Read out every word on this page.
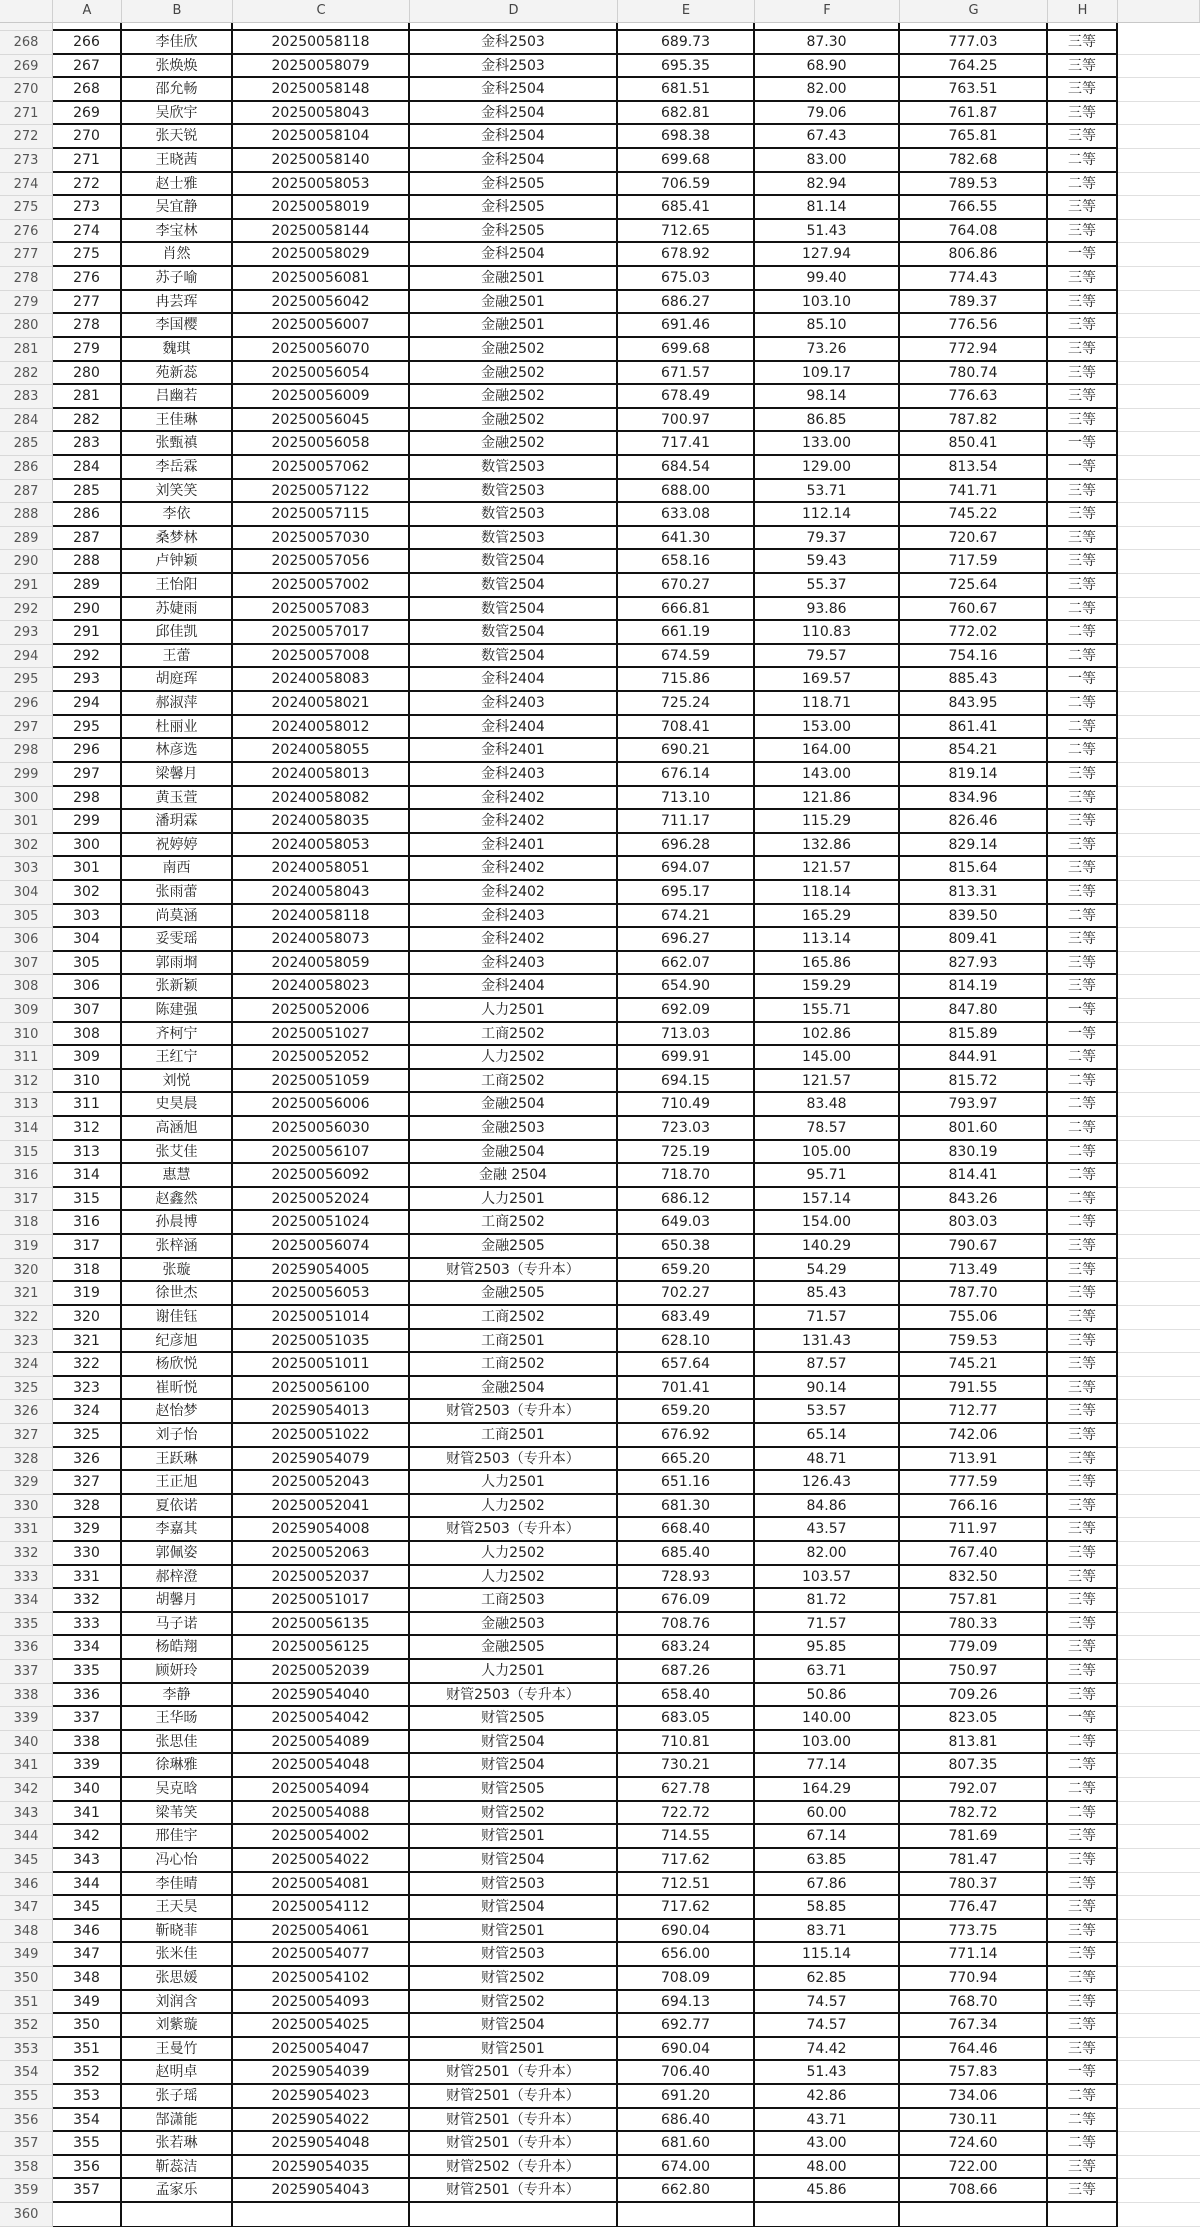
A	B	C	D	E	F	G	H
268	266	李佳欣	20250058118	金科2503	689.73	87.30	777.03	三等
269	267	张焕焕	20250058079	金科2503	695.35	68.90	764.25	三等
270	268	邵允畅	20250058148	金科2504	681.51	82.00	763.51	三等
271	269	吴欣宇	20250058043	金科2504	682.81	79.06	761.87	三等
272	270	张天锐	20250058104	金科2504	698.38	67.43	765.81	三等
273	271	王晓茜	20250058140	金科2504	699.68	83.00	782.68	二等
274	272	赵士雅	20250058053	金科2505	706.59	82.94	789.53	二等
275	273	吴宜静	20250058019	金科2505	685.41	81.14	766.55	三等
276	274	李宝林	20250058144	金科2505	712.65	51.43	764.08	三等
277	275	肖然	20250058029	金科2504	678.92	127.94	806.86	一等
278	276	苏子喻	20250056081	金融2501	675.03	99.40	774.43	三等
279	277	冉芸珲	20250056042	金融2501	686.27	103.10	789.37	三等
280	278	李国樱	20250056007	金融2501	691.46	85.10	776.56	三等
281	279	魏琪	20250056070	金融2502	699.68	73.26	772.94	三等
282	280	苑新蕊	20250056054	金融2502	671.57	109.17	780.74	三等
283	281	吕幽若	20250056009	金融2502	678.49	98.14	776.63	三等
284	282	王佳琳	20250056045	金融2502	700.97	86.85	787.82	三等
285	283	张甄禛	20250056058	金融2502	717.41	133.00	850.41	一等
286	284	李岳霖	20250057062	数管2503	684.54	129.00	813.54	一等
287	285	刘笑笑	20250057122	数管2503	688.00	53.71	741.71	三等
288	286	李依	20250057115	数管2503	633.08	112.14	745.22	三等
289	287	桑梦林	20250057030	数管2503	641.30	79.37	720.67	三等
290	288	卢钟颖	20250057056	数管2504	658.16	59.43	717.59	三等
291	289	王怡阳	20250057002	数管2504	670.27	55.37	725.64	三等
292	290	苏婕雨	20250057083	数管2504	666.81	93.86	760.67	二等
293	291	邱佳凯	20250057017	数管2504	661.19	110.83	772.02	二等
294	292	王蕾	20250057008	数管2504	674.59	79.57	754.16	二等
295	293	胡庭珲	20240058083	金科2404	715.86	169.57	885.43	一等
296	294	郝淑萍	20240058021	金科2403	725.24	118.71	843.95	二等
297	295	杜丽业	20240058012	金科2404	708.41	153.00	861.41	二等
298	296	林彦选	20240058055	金科2401	690.21	164.00	854.21	二等
299	297	梁馨月	20240058013	金科2403	676.14	143.00	819.14	三等
300	298	黄玉萱	20240058082	金科2402	713.10	121.86	834.96	三等
301	299	潘玥霖	20240058035	金科2402	711.17	115.29	826.46	三等
302	300	祝婷婷	20240058053	金科2401	696.28	132.86	829.14	三等
303	301	南西	20240058051	金科2402	694.07	121.57	815.64	三等
304	302	张雨蕾	20240058043	金科2402	695.17	118.14	813.31	三等
305	303	尚莫涵	20240058118	金科2403	674.21	165.29	839.50	二等
306	304	妥雯瑶	20240058073	金科2402	696.27	113.14	809.41	三等
307	305	郭雨埛	20240058059	金科2403	662.07	165.86	827.93	三等
308	306	张新颖	20240058023	金科2404	654.90	159.29	814.19	三等
309	307	陈建强	20250052006	人力2501	692.09	155.71	847.80	一等
310	308	齐柯宁	20250051027	工商2502	713.03	102.86	815.89	一等
311	309	王红宁	20250052052	人力2502	699.91	145.00	844.91	二等
312	310	刘悦	20250051059	工商2502	694.15	121.57	815.72	二等
313	311	史昊晨	20250056006	金融2504	710.49	83.48	793.97	二等
314	312	高涵旭	20250056030	金融2503	723.03	78.57	801.60	二等
315	313	张艾佳	20250056107	金融2504	725.19	105.00	830.19	二等
316	314	惠慧	20250056092	金融 2504	718.70	95.71	814.41	二等
317	315	赵鑫然	20250052024	人力2501	686.12	157.14	843.26	二等
318	316	孙晨博	20250051024	工商2502	649.03	154.00	803.03	二等
319	317	张梓涵	20250056074	金融2505	650.38	140.29	790.67	三等
320	318	张璇	20259054005	财管2503（专升本）	659.20	54.29	713.49	三等
321	319	徐世杰	20250056053	金融2505	702.27	85.43	787.70	三等
322	320	谢佳钰	20250051014	工商2502	683.49	71.57	755.06	三等
323	321	纪彦旭	20250051035	工商2501	628.10	131.43	759.53	三等
324	322	杨欣悦	20250051011	工商2502	657.64	87.57	745.21	三等
325	323	崔昕悦	20250056100	金融2504	701.41	90.14	791.55	三等
326	324	赵怡梦	20259054013	财管2503（专升本）	659.20	53.57	712.77	三等
327	325	刘子怡	20250051022	工商2501	676.92	65.14	742.06	三等
328	326	王跃琳	20259054079	财管2503（专升本）	665.20	48.71	713.91	三等
329	327	王正旭	20250052043	人力2501	651.16	126.43	777.59	三等
330	328	夏依诺	20250052041	人力2502	681.30	84.86	766.16	三等
331	329	李嘉其	20259054008	财管2503（专升本）	668.40	43.57	711.97	三等
332	330	郭佩姿	20250052063	人力2502	685.40	82.00	767.40	三等
333	331	郝梓澄	20250052037	人力2502	728.93	103.57	832.50	三等
334	332	胡馨月	20250051017	工商2503	676.09	81.72	757.81	三等
335	333	马子诺	20250056135	金融2503	708.76	71.57	780.33	三等
336	334	杨皓翔	20250056125	金融2505	683.24	95.85	779.09	三等
337	335	顾妍玲	20250052039	人力2501	687.26	63.71	750.97	三等
338	336	李静	20259054040	财管2503（专升本）	658.40	50.86	709.26	三等
339	337	王华旸	20250054042	财管2505	683.05	140.00	823.05	一等
340	338	张思佳	20250054089	财管2504	710.81	103.00	813.81	二等
341	339	徐琳雅	20250054048	财管2504	730.21	77.14	807.35	二等
342	340	吴克晗	20250054094	财管2505	627.78	164.29	792.07	二等
343	341	梁苇笑	20250054088	财管2502	722.72	60.00	782.72	二等
344	342	邢佳宇	20250054002	财管2501	714.55	67.14	781.69	三等
345	343	冯心怡	20250054022	财管2504	717.62	63.85	781.47	三等
346	344	李佳晴	20250054081	财管2503	712.51	67.86	780.37	三等
347	345	王天昊	20250054112	财管2504	717.62	58.85	776.47	三等
348	346	靳晓菲	20250054061	财管2501	690.04	83.71	773.75	三等
349	347	张米佳	20250054077	财管2503	656.00	115.14	771.14	三等
350	348	张思媛	20250054102	财管2502	708.09	62.85	770.94	三等
351	349	刘润含	20250054093	财管2502	694.13	74.57	768.70	三等
352	350	刘紫璇	20250054025	财管2504	692.77	74.57	767.34	三等
353	351	王曼竹	20250054047	财管2501	690.04	74.42	764.46	三等
354	352	赵明卓	20259054039	财管2501（专升本）	706.40	51.43	757.83	一等
355	353	张子瑶	20259054023	财管2501（专升本）	691.20	42.86	734.06	二等
356	354	郜潇能	20259054022	财管2501（专升本）	686.40	43.71	730.11	二等
357	355	张若琳	20259054048	财管2501（专升本）	681.60	43.00	724.60	二等
358	356	靳蕊洁	20259054035	财管2502（专升本）	674.00	48.00	722.00	三等
359	357	孟家乐	20259054043	财管2501（专升本）	662.80	45.86	708.66	三等
360
